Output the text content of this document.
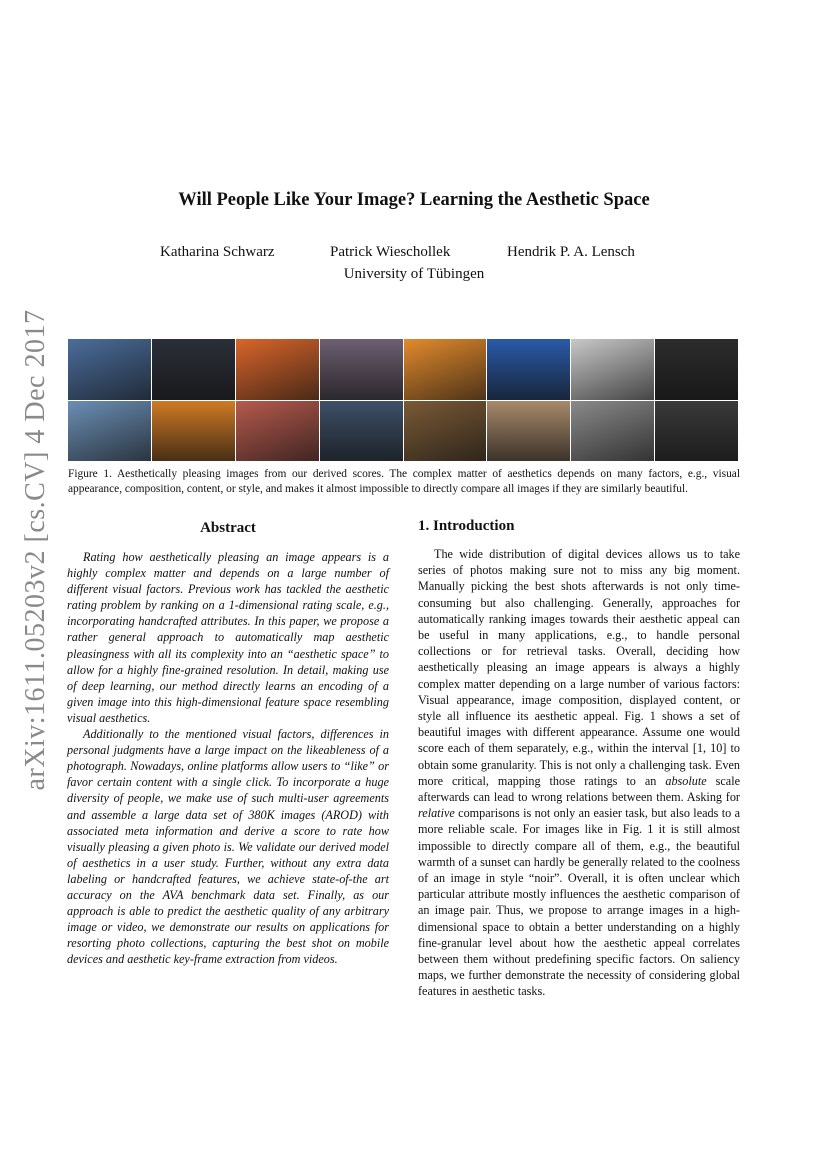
arXiv:1611.05203v2 [cs.CV] 4 Dec 2017
Will People Like Your Image? Learning the Aesthetic Space
Katharina Schwarz	Patrick Wieschollek	Hendrik P. A. Lensch
University of Tübingen
Figure 1. Aesthetically pleasing images from our derived scores. The complex matter of aesthetics depends on many factors, e.g., visual appearance, composition, content, or style, and makes it almost impossible to directly compare all images if they are similarly beautiful.
Abstract

Rating how aesthetically pleasing an image appears is a highly complex matter and depends on a large number of different visual factors. Previous work has tackled the aesthetic rating problem by ranking on a 1-dimensional rating scale, e.g., incorporating handcrafted attributes. In this paper, we propose a rather general approach to automatically map aesthetic pleasingness with all its complexity into an “aesthetic space” to allow for a highly fine-grained resolution. In detail, making use of deep learning, our method directly learns an encoding of a given image into this high-dimensional feature space resembling visual aesthetics.

Additionally to the mentioned visual factors, differences in personal judgments have a large impact on the likeableness of a photograph. Nowadays, online platforms allow users to “like” or favor certain content with a single click. To incorporate a huge diversity of people, we make use of such multi-user agreements and assemble a large data set of 380K images (AROD) with associated meta information and derive a score to rate how visually pleasing a given photo is. We validate our derived model of aesthetics in a user study. Further, without any extra data labeling or handcrafted features, we achieve state-of-the art accuracy on the AVA benchmark data set. Finally, as our approach is able to predict the aesthetic quality of any arbitrary image or video, we demonstrate our results on applications for resorting photo collections, capturing the best shot on mobile devices and aesthetic key-frame extraction from videos.

1. Introduction

The wide distribution of digital devices allows us to take series of photos making sure not to miss any big moment. Manually picking the best shots afterwards is not only time-consuming but also challenging. Generally, approaches for automatically ranking images towards their aesthetic appeal can be useful in many applications, e.g., to handle personal collections or for retrieval tasks. Overall, deciding how aesthetically pleasing an image appears is always a highly complex matter depending on a large number of various factors: Visual appearance, image composition, displayed content, or style all influence its aesthetic appeal. Fig. 1 shows a set of beautiful images with different appearance. Assume one would score each of them separately, e.g., within the interval [1, 10] to obtain some granularity. This is not only a challenging task. Even more critical, mapping those ratings to an absolute scale afterwards can lead to wrong relations between them. Asking for relative comparisons is not only an easier task, but also leads to a more reliable scale. For images like in Fig. 1 it is still almost impossible to directly compare all of them, e.g., the beautiful warmth of a sunset can hardly be generally related to the coolness of an image in style “noir”. Overall, it is often unclear which particular attribute mostly influences the aesthetic comparison of an image pair. Thus, we propose to arrange images in a high-dimensional space to obtain a better understanding on a highly fine-granular level about how the aesthetic appeal correlates between them without predefining specific factors. On saliency maps, we further demonstrate the necessity of considering global features in aesthetic tasks.
